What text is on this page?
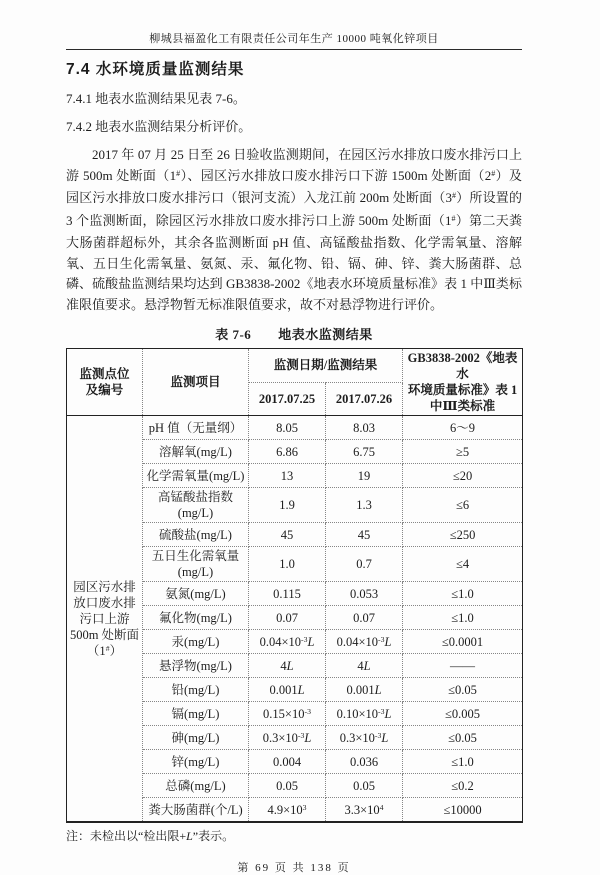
柳城县福盈化工有限责任公司年生产 10000 吨氧化锌项目
7.4 水环境质量监测结果
7.4.1 地表水监测结果见表 7-6。
7.4.2 地表水监测结果分析评价。
2017 年 07 月 25 日至 26 日验收监测期间，在园区污水排放口废水排污口上游 500m 处断面（1#）、园区污水排放口废水排污口下游 1500m 处断面（2#）及园区污水排放口废水排污口（银河支流）入龙江前 200m 处断面（3#）所设置的 3 个监测断面，除园区污水排放口废水排污口上游 500m 处断面（1#）第二天粪大肠菌群超标外，其余各监测断面 pH 值、高锰酸盐指数、化学需氧量、溶解氧、五日生化需氧量、氨氮、汞、氟化物、铅、镉、砷、锌、粪大肠菌群、总磷、硫酸盐监测结果均达到 GB3838-2002《地表水环境质量标准》表 1 中Ⅲ类标准限值要求。悬浮物暂无标准限值要求，故不对悬浮物进行评价。
表 7-6　　地表水监测结果
监测点位
及编号	监测项目	监测日期/监测结果		GB3838-2002《地表水
环境质量标准》表 1
中Ⅲ类标准
		2017.07.25	2017.07.26	
园区污水排
放口废水排
污口上游
500m 处断面
（1#）	pH 值（无量纲）	8.05	8.03	6～9
	溶解氧(mg/L)	6.86	6.75	≥5
	化学需氧量(mg/L)	13	19	≤20
	高锰酸盐指数
(mg/L)	1.9	1.3	≤6
	硫酸盐(mg/L)	45	45	≤250
	五日生化需氧量
(mg/L)	1.0	0.7	≤4
	氨氮(mg/L)	0.115	0.053	≤1.0
	氟化物(mg/L)	0.07	0.07	≤1.0
	汞(mg/L)	$0.04\times 10^{-3}L$	$0.04\times 10^{-3}L$	≤0.0001
	悬浮物(mg/L)	4L	4L	——
	铅(mg/L)	0.001L	0.001L	≤0.05
	镉(mg/L)	$0.15\times 10^{-3}$	$0.10\times 10^{-3}L$	≤0.005
	砷(mg/L)	$0.3\times 10^{-3}L$	$0.3\times 10^{-3}L$	≤0.05
	锌(mg/L)	0.004	0.036	≤1.0
	总磷(mg/L)	0.05	0.05	≤0.2
	粪大肠菌群(个/L)	$4.9\times 10^3$	$3.3\times 10^4$	≤10000
注：未检出以“检出限+L”表示。
第 69 页 共 138 页
